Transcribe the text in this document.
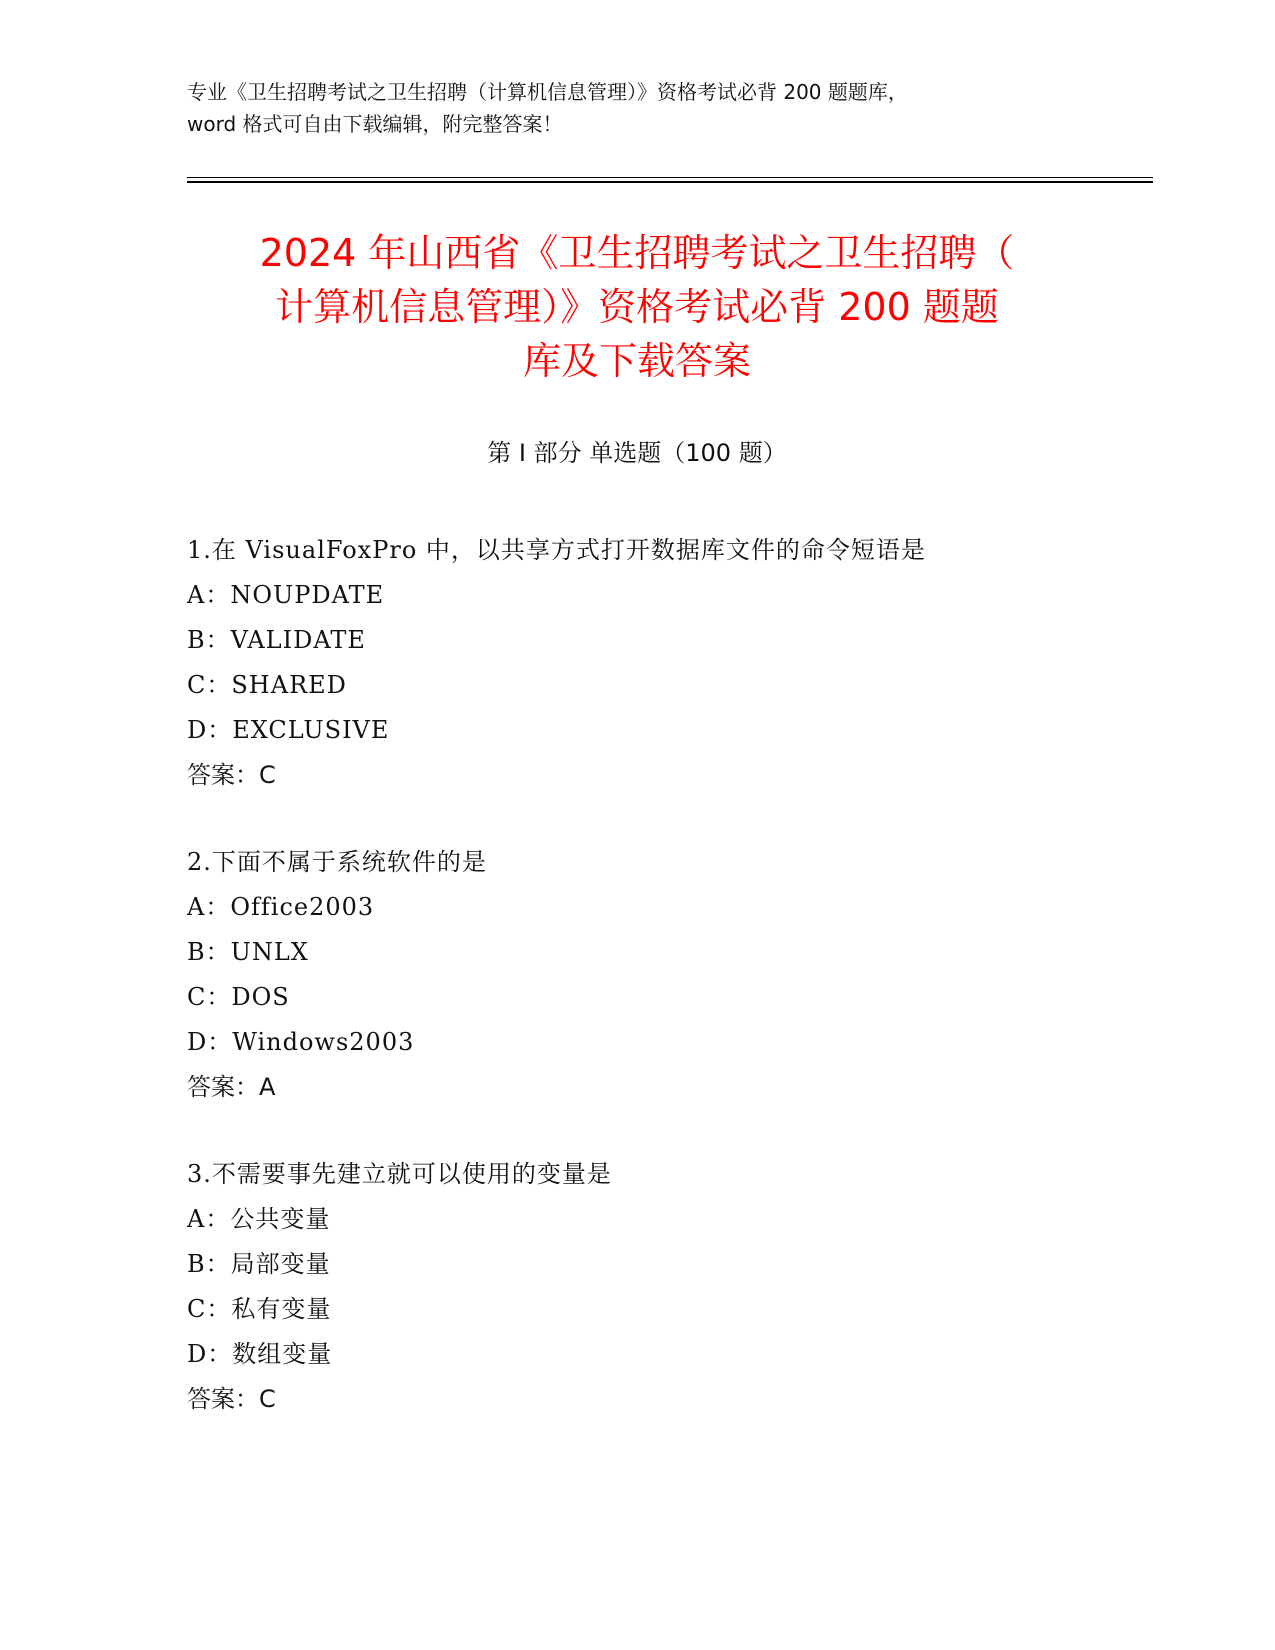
专业《卫生招聘考试之卫生招聘（计算机信息管理）》资格考试必背 200 题题库，
word 格式可自由下载编辑，附完整答案！
2024 年山西省《卫生招聘考试之卫生招聘（
计算机信息管理）》资格考试必背 200 题题
库及下载答案
第 I 部分 单选题（100 题）
1.在 VisualFoxPro 中，以共享方式打开数据库文件的命令短语是
A：NOUPDATE
B：VALIDATE
C：SHARED
D：EXCLUSIVE
答案：C
2.下面不属于系统软件的是
A：Office2003
B：UNLX
C：DOS
D：Windows2003
答案：A
3.不需要事先建立就可以使用的变量是
A：公共变量
B：局部变量
C：私有变量
D：数组变量
答案：C
